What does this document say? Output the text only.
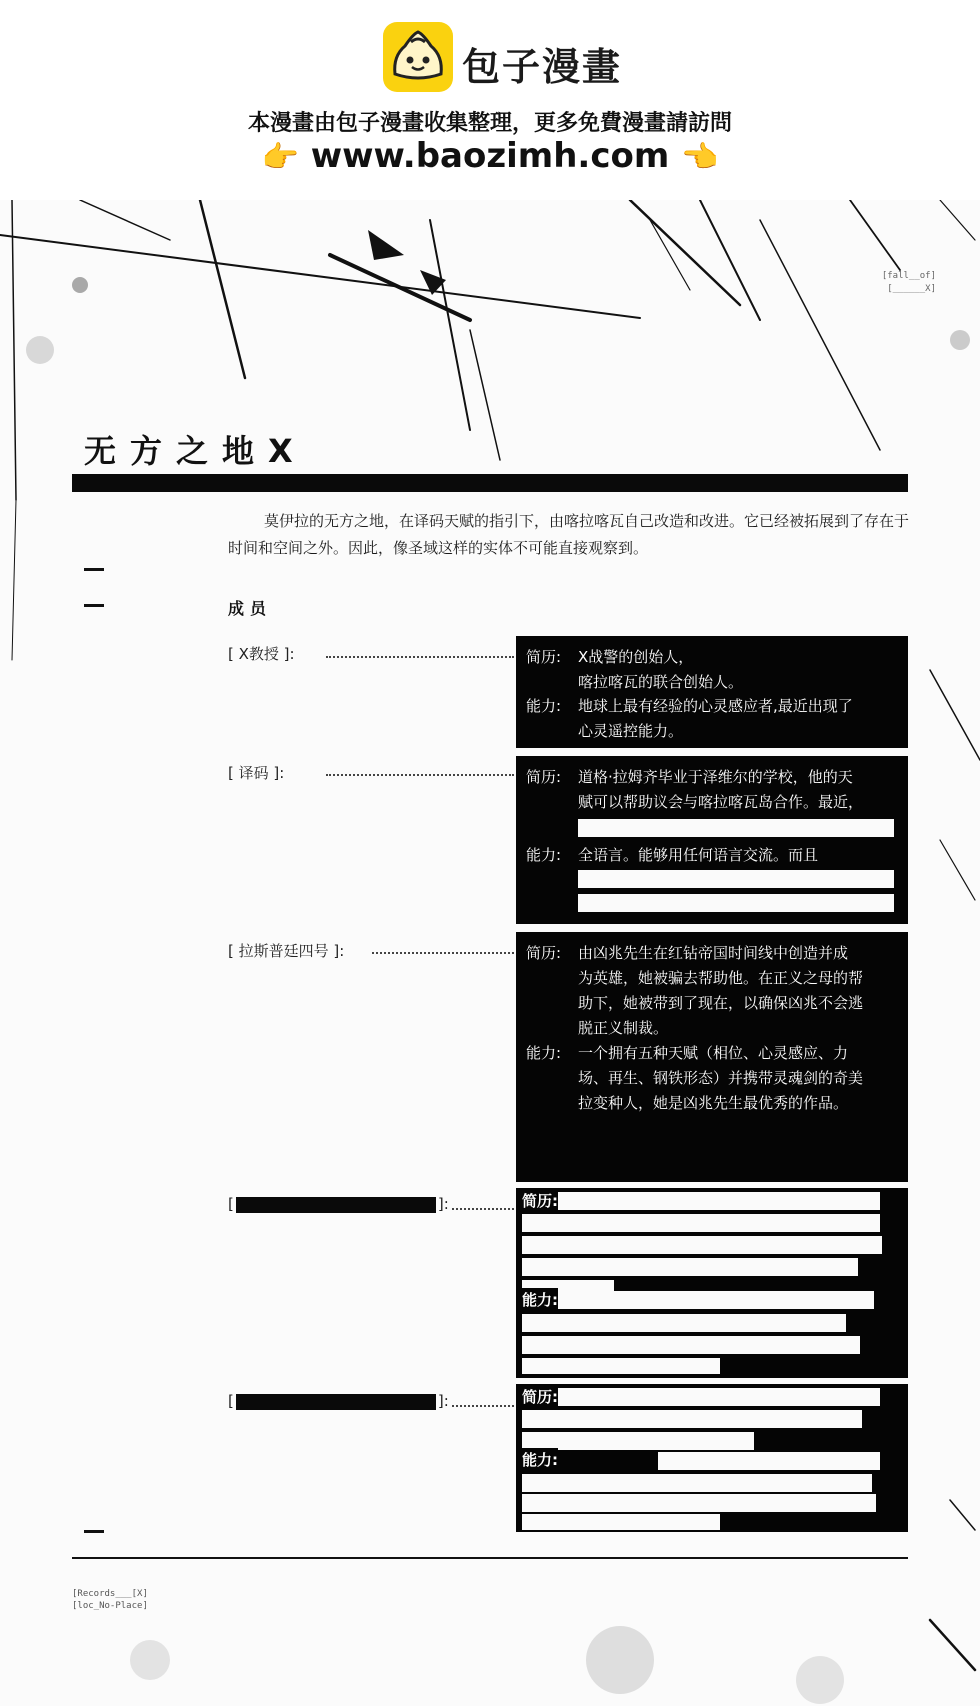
包子漫畫
本漫畫由包子漫畫收集整理，更多免費漫畫請訪問
👉 www.baozimh.com 👈
[fall__of]
[______X]
无方之地X
莫伊拉的无方之地，在译码天赋的指引下，由喀拉喀瓦自己改造和改进。它已经被拓展到了存在于时间和空间之外。因此，像圣域这样的实体不可能直接观察到。
成员
[ X教授 ]:	简历: X战警的创始人，
喀拉喀瓦的联合创始人。
能力: 地球上最有经验的心灵感应者,最近出现了
心灵遥控能力。
[ 译码 ]:	简历: 道格·拉姆齐毕业于泽维尔的学校，他的天
赋可以帮助议会与喀拉喀瓦岛合作。最近，
能力: 全语言。能够用任何语言交流。而且
[ 拉斯普廷四号 ]:	简历: 由凶兆先生在红钻帝国时间线中创造并成
为英雄，她被骗去帮助他。在正义之母的帮
助下，她被带到了现在，以确保凶兆不会逃
脱正义制裁。
能力: 一个拥有五种天赋（相位、心灵感应、力
场、再生、钢铁形态）并携带灵魂剑的奇美
拉变种人，她是凶兆先生最优秀的作品。
[	]:	简历:
能力:
[	]:	简历:
能力:
[Records___[X]
[loc_No-Place]
